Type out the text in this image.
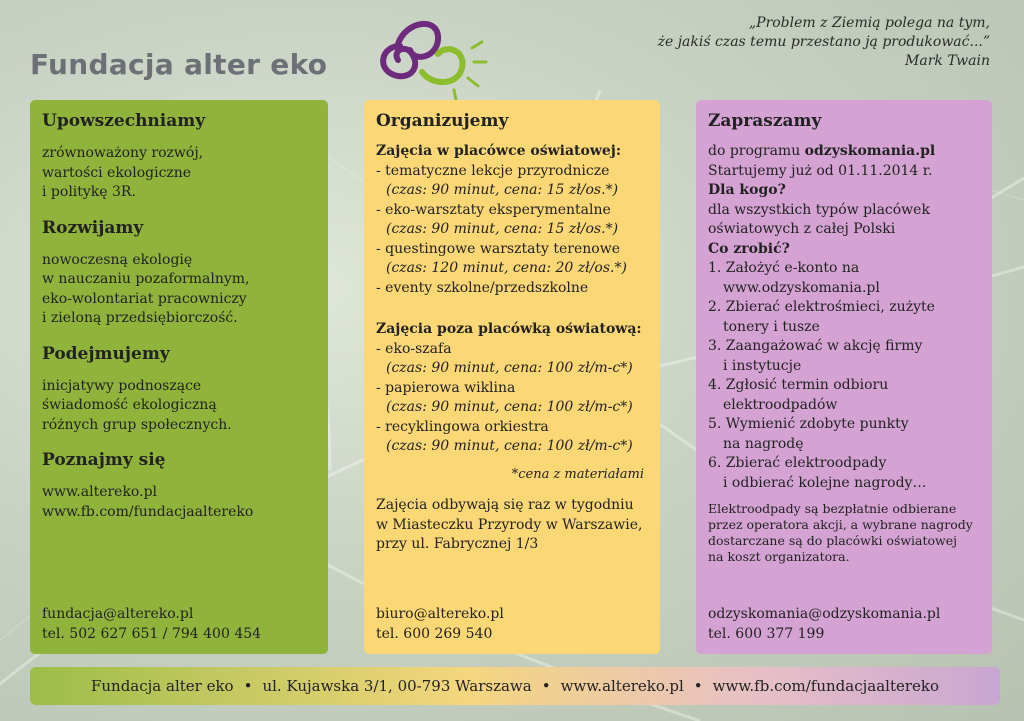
Fundacja alter eko
„Problem z Ziemią polega na tym,
że jakiś czas temu przestano ją produkować...”

Mark Twain
Upowszechniamy

zrównoważony rozwój,

wartości ekologiczne

i politykę 3R.

Rozwijamy

nowoczesną ekologię

w nauczaniu pozaformalnym,

eko-wolontariat pracowniczy

i zieloną przedsiębiorczość.

Podejmujemy

inicjatywy podnoszące

świadomość ekologiczną

różnych grup społecznych.

Poznajmy się

www.altereko.pl

www.fb.com/fundacjaaltereko

fundacja@altereko.pl
tel. 502 627 651 / 794 400 454
Organizujemy
Zajęcia w placówce oświatowej:
- tematyczne lekcje przyrodnicze
(czas: 90 minut, cena: 15 zł/os.*)
- eko-warsztaty eksperymentalne
(czas: 90 minut, cena: 15 zł/os.*)
- questingowe warsztaty terenowe
(czas: 120 minut, cena: 20 zł/os.*)
- eventy szkolne/przedszkolne
Zajęcia poza placówką oświatową:
- eko-szafa
(czas: 90 minut, cena: 100 zł/m-c*)
- papierowa wiklina
(czas: 90 minut, cena: 100 zł/m-c*)
- recyklingowa orkiestra
(czas: 90 minut, cena: 100 zł/m-c*)
*cena z materiałami
Zajęcia odbywają się raz w tygodniu
w Miasteczku Przyrody w Warszawie,
przy ul. Fabrycznej 1/3
biuro@altereko.pl
tel. 600 269 540
Zapraszamy
do programu odzyskomania.pl
Startujemy już od 01.11.2014 r.
Dla kogo?
dla wszystkich typów placówek
oświatowych z całej Polski
Co zrobić?
1. Założyć e-konto na
www.odzyskomania.pl
2. Zbierać elektrośmieci, zużyte
tonery i tusze
3. Zaangażować w akcję firmy
i instytucje
4. Zgłosić termin odbioru
elektroodpadów
5. Wymienić zdobyte punkty
na nagrodę
6. Zbierać elektroodpady
i odbierać kolejne nagrody…
Elektroodpady są bezpłatnie odbierane
przez operatora akcji, a wybrane nagrody
dostarczane są do placówki oświatowej
na koszt organizatora.
odzyskomania@odzyskomania.pl
tel. 600 377 199
Fundacja alter eko • ul. Kujawska 3/1, 00-793 Warszawa • www.altereko.pl • www.fb.com/fundacjaaltereko
